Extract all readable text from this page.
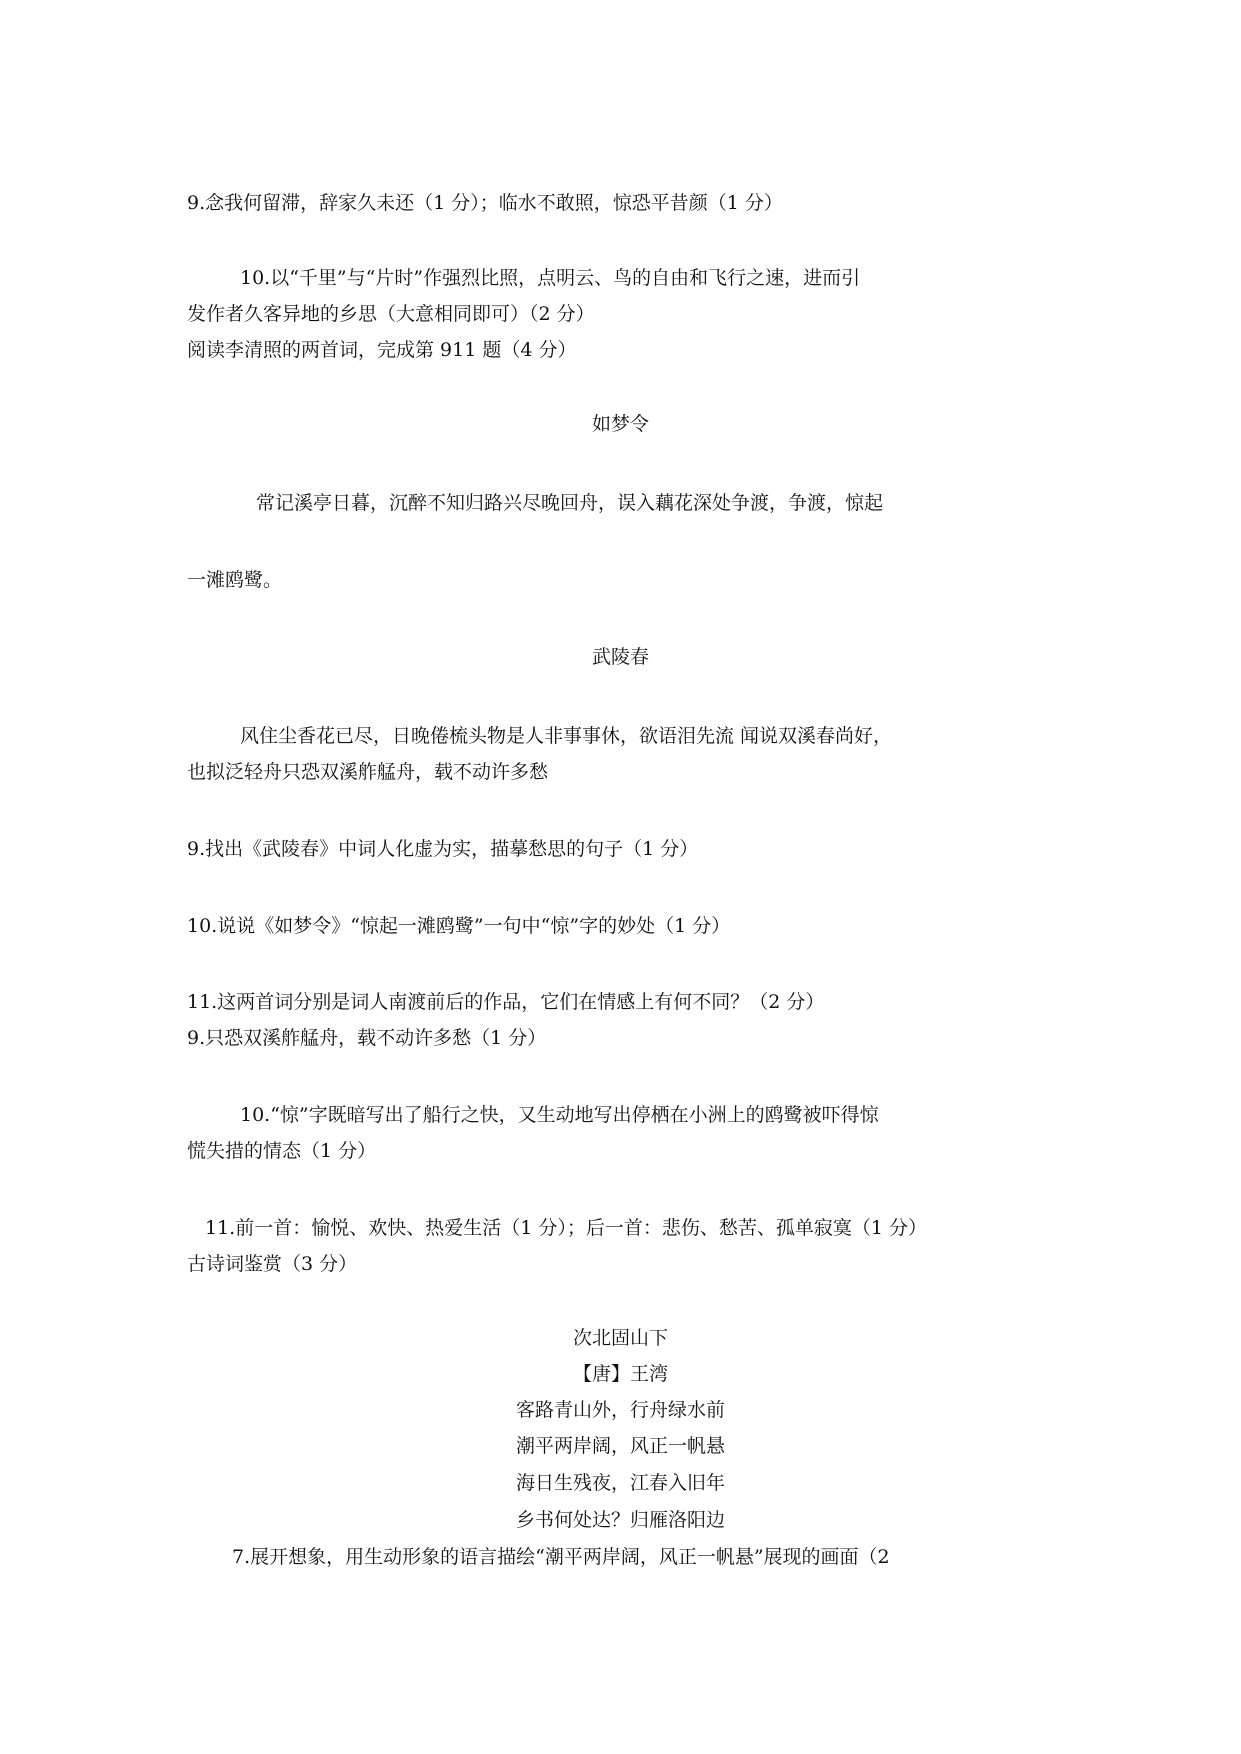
9.念我何留滞，辞家久未还（1 分）；临水不敢照，惊恐平昔颜（1 分）
10.以“千里”与“片时”作强烈比照，点明云、鸟的自由和飞行之速，进而引
发作者久客异地的乡思（大意相同即可）（2 分）
阅读李清照的两首词，完成第 911 题（4 分）
如梦令
常记溪亭日暮，沉醉不知归路兴尽晚回舟，误入藕花深处争渡，争渡，惊起
一滩鸥鹭。
武陵春
风住尘香花已尽，日晚倦梳头物是人非事事休，欲语泪先流 闻说双溪春尚好，
也拟泛轻舟只恐双溪舴艋舟，载不动许多愁
9.找出《武陵春》中词人化虚为实，描摹愁思的句子（1 分）
10.说说《如梦令》“惊起一滩鸥鹭”一句中“惊”字的妙处（1 分）
11.这两首词分别是词人南渡前后的作品，它们在情感上有何不同？（2 分）
9.只恐双溪舴艋舟，载不动许多愁（1 分）
10.“惊”字既暗写出了船行之快，又生动地写出停栖在小洲上的鸥鹭被吓得惊
慌失措的情态（1 分）
11.前一首：愉悦、欢快、热爱生活（1 分）；后一首：悲伤、愁苦、孤单寂寞（1 分）
古诗词鉴赏（3 分）
次北固山下
【唐】王湾
客路青山外，行舟绿水前
潮平两岸阔，风正一帆悬
海日生残夜，江春入旧年
乡书何处达？归雁洛阳边
7.展开想象，用生动形象的语言描绘“潮平两岸阔，风正一帆悬”展现的画面（2
